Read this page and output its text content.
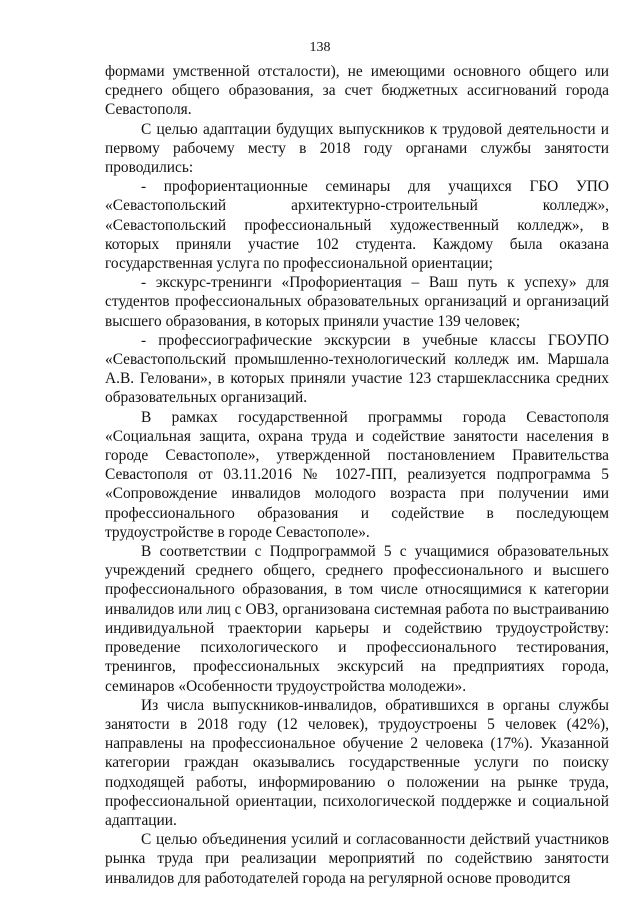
138

формами умственной отсталости), не имеющими основного общего или среднего общего образования, за счет бюджетных ассигнований города Севастополя.

С целью адаптации будущих выпускников к трудовой деятельности и первому рабочему месту в 2018 году органами службы занятости проводились:

- профориентационные семинары для учащихся ГБО УПО «Севастопольский архитектурно-строительный колледж», «Севастопольский профессиональный художественный колледж», в которых приняли участие 102 студента. Каждому была оказана государственная услуга по профессиональной ориентации;

- экскурс-тренинги «Профориентация – Ваш путь к успеху» для студентов профессиональных образовательных организаций и организаций высшего образования, в которых приняли участие 139 человек;

- профессиографические экскурсии в учебные классы ГБОУПО «Севастопольский промышленно-технологический колледж им. Маршала А.В. Геловани», в которых приняли участие 123 старшеклассника средних образовательных организаций.

В рамках государственной программы города Севастополя «Социальная защита, охрана труда и содействие занятости населения в городе Севастополе», утвержденной постановлением Правительства Севастополя от 03.11.2016 № 1027-ПП, реализуется подпрограмма 5 «Сопровождение инвалидов молодого возраста при получении ими профессионального образования и содействие в последующем трудоустройстве в городе Севастополе».

В соответствии с Подпрограммой 5 с учащимися образовательных учреждений среднего общего, среднего профессионального и высшего профессионального образования, в том числе относящимися к категории инвалидов или лиц с ОВЗ, организована системная работа по выстраиванию индивидуальной траектории карьеры и содействию трудоустройству: проведение психологического и профессионального тестирования, тренингов, профессиональных экскурсий на предприятиях города, семинаров «Особенности трудоустройства молодежи».

Из числа выпускников-инвалидов, обратившихся в органы службы занятости в 2018 году (12 человек), трудоустроены 5 человек (42%), направлены на профессиональное обучение 2 человека (17%). Указанной категории граждан оказывались государственные услуги по поиску подходящей работы, информированию о положении на рынке труда, профессиональной ориентации, психологической поддержке и социальной адаптации.

С целью объединения усилий и согласованности действий участников рынка труда при реализации мероприятий по содействию занятости инвалидов для работодателей города на регулярной основе проводится
